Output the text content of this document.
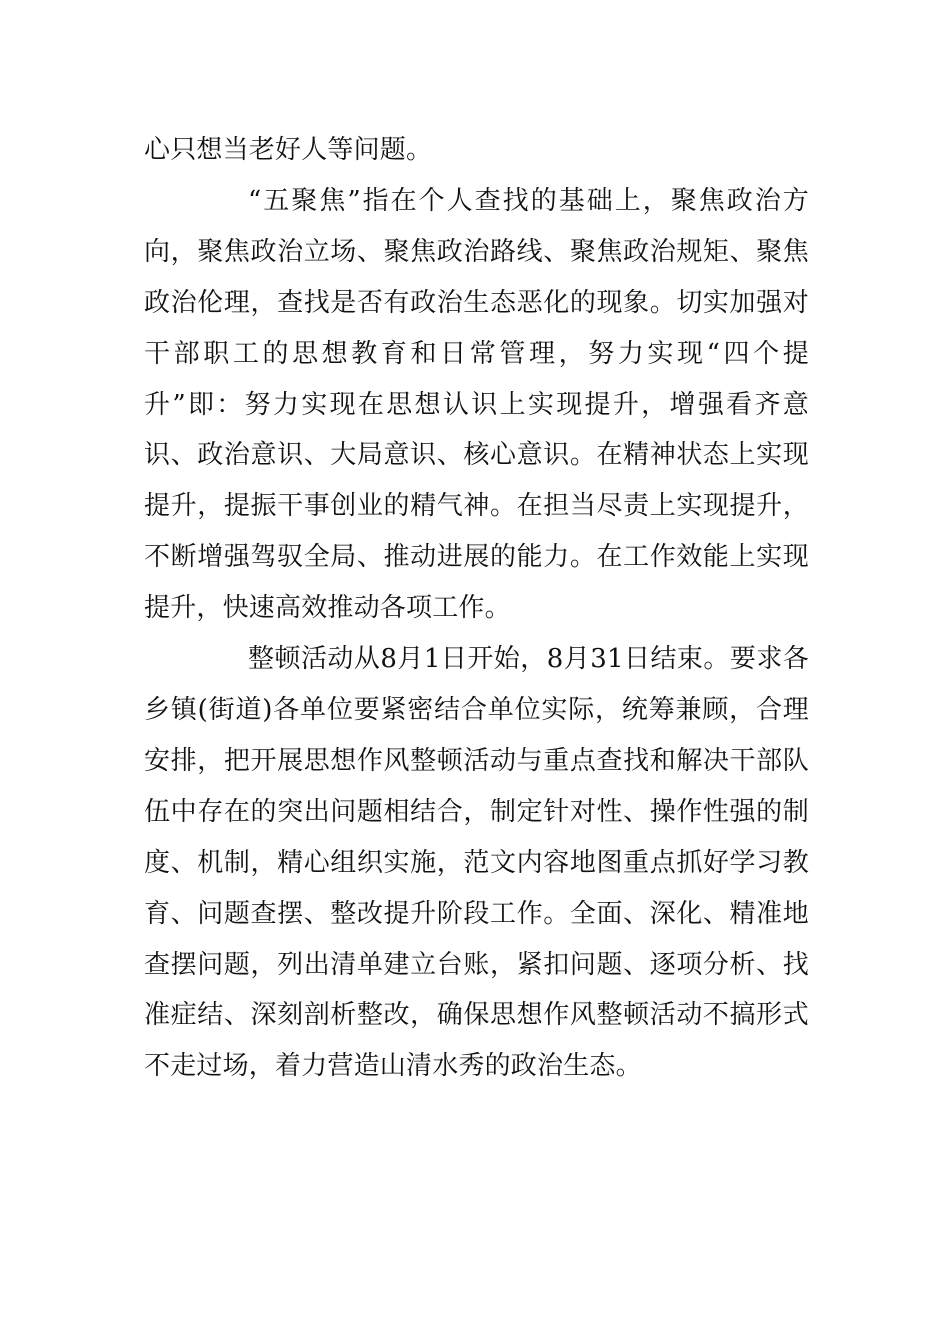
心只想当老好人等问题。

“五聚焦”指在个人查找的基础上，聚焦政治方向，聚焦政治立场、聚焦政治路线、聚焦政治规矩、聚焦政治伦理，查找是否有政治生态恶化的现象。切实加强对干部职工的思想教育和日常管理，努力实现“四个提升”即：努力实现在思想认识上实现提升，增强看齐意识、政治意识、大局意识、核心意识。在精神状态上实现提升，提振干事创业的精气神。在担当尽责上实现提升，不断增强驾驭全局、推动进展的能力。在工作效能上实现提升，快速高效推动各项工作。

整顿活动从8月1日开始，8月31日结束。要求各乡镇(街道)各单位要紧密结合单位实际，统筹兼顾，合理安排，把开展思想作风整顿活动与重点查找和解决干部队伍中存在的突出问题相结合，制定针对性、操作性强的制度、机制，精心组织实施，范文内容地图重点抓好学习教育、问题查摆、整改提升阶段工作。全面、深化、精准地查摆问题，列出清单建立台账，紧扣问题、逐项分析、找准症结、深刻剖析整改，确保思想作风整顿活动不搞形式不走过场，着力营造山清水秀的政治生态。
